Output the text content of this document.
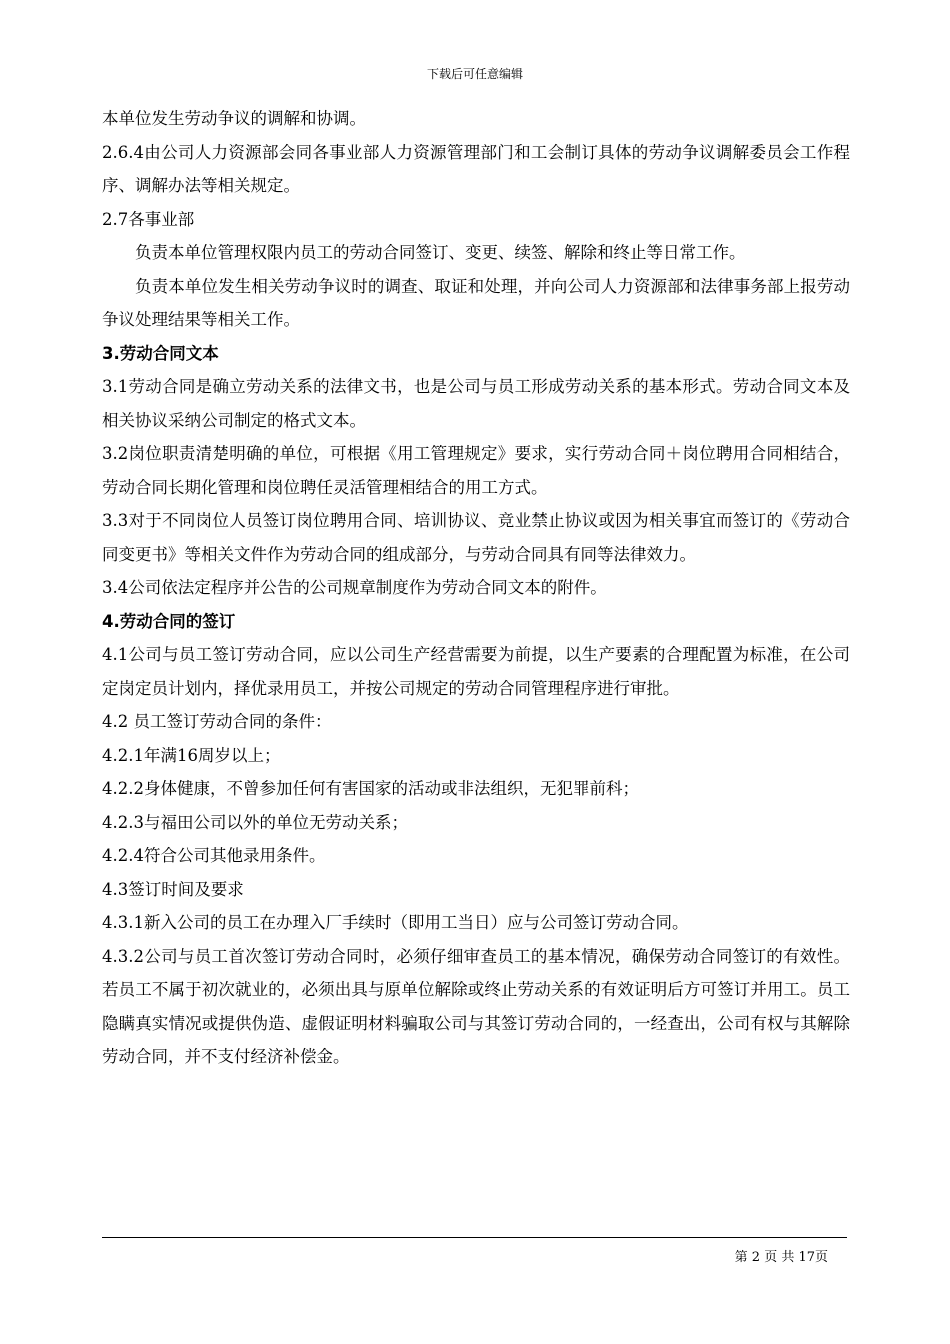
下载后可任意编辑

本单位发生劳动争议的调解和协调。

2.6.4由公司人力资源部会同各事业部人力资源管理部门和工会制订具体的劳动争议调解委员会工作程序、调解办法等相关规定。

2.7各事业部

负责本单位管理权限内员工的劳动合同签订、变更、续签、解除和终止等日常工作。

负责本单位发生相关劳动争议时的调查、取证和处理，并向公司人力资源部和法律事务部上报劳动争议处理结果等相关工作。

3.劳动合同文本

3.1劳动合同是确立劳动关系的法律文书，也是公司与员工形成劳动关系的基本形式。劳动合同文本及相关协议采纳公司制定的格式文本。

3.2岗位职责清楚明确的单位，可根据《用工管理规定》要求，实行劳动合同＋岗位聘用合同相结合，劳动合同长期化管理和岗位聘任灵活管理相结合的用工方式。

3.3对于不同岗位人员签订岗位聘用合同、培训协议、竞业禁止协议或因为相关事宜而签订的《劳动合同变更书》等相关文件作为劳动合同的组成部分，与劳动合同具有同等法律效力。

3.4公司依法定程序并公告的公司规章制度作为劳动合同文本的附件。

4.劳动合同的签订

4.1公司与员工签订劳动合同，应以公司生产经营需要为前提，以生产要素的合理配置为标准，在公司定岗定员计划内，择优录用员工，并按公司规定的劳动合同管理程序进行审批。

4.2 员工签订劳动合同的条件：

4.2.1年满16周岁以上；

4.2.2身体健康，不曾参加任何有害国家的活动或非法组织，无犯罪前科；

4.2.3与福田公司以外的单位无劳动关系；

4.2.4符合公司其他录用条件。

4.3签订时间及要求

4.3.1新入公司的员工在办理入厂手续时（即用工当日）应与公司签订劳动合同。

4.3.2公司与员工首次签订劳动合同时，必须仔细审查员工的基本情况，确保劳动合同签订的有效性。若员工不属于初次就业的，必须出具与原单位解除或终止劳动关系的有效证明后方可签订并用工。员工隐瞒真实情况或提供伪造、虚假证明材料骗取公司与其签订劳动合同的，一经查出，公司有权与其解除劳动合同，并不支付经济补偿金。

第 2 页 共 17页
